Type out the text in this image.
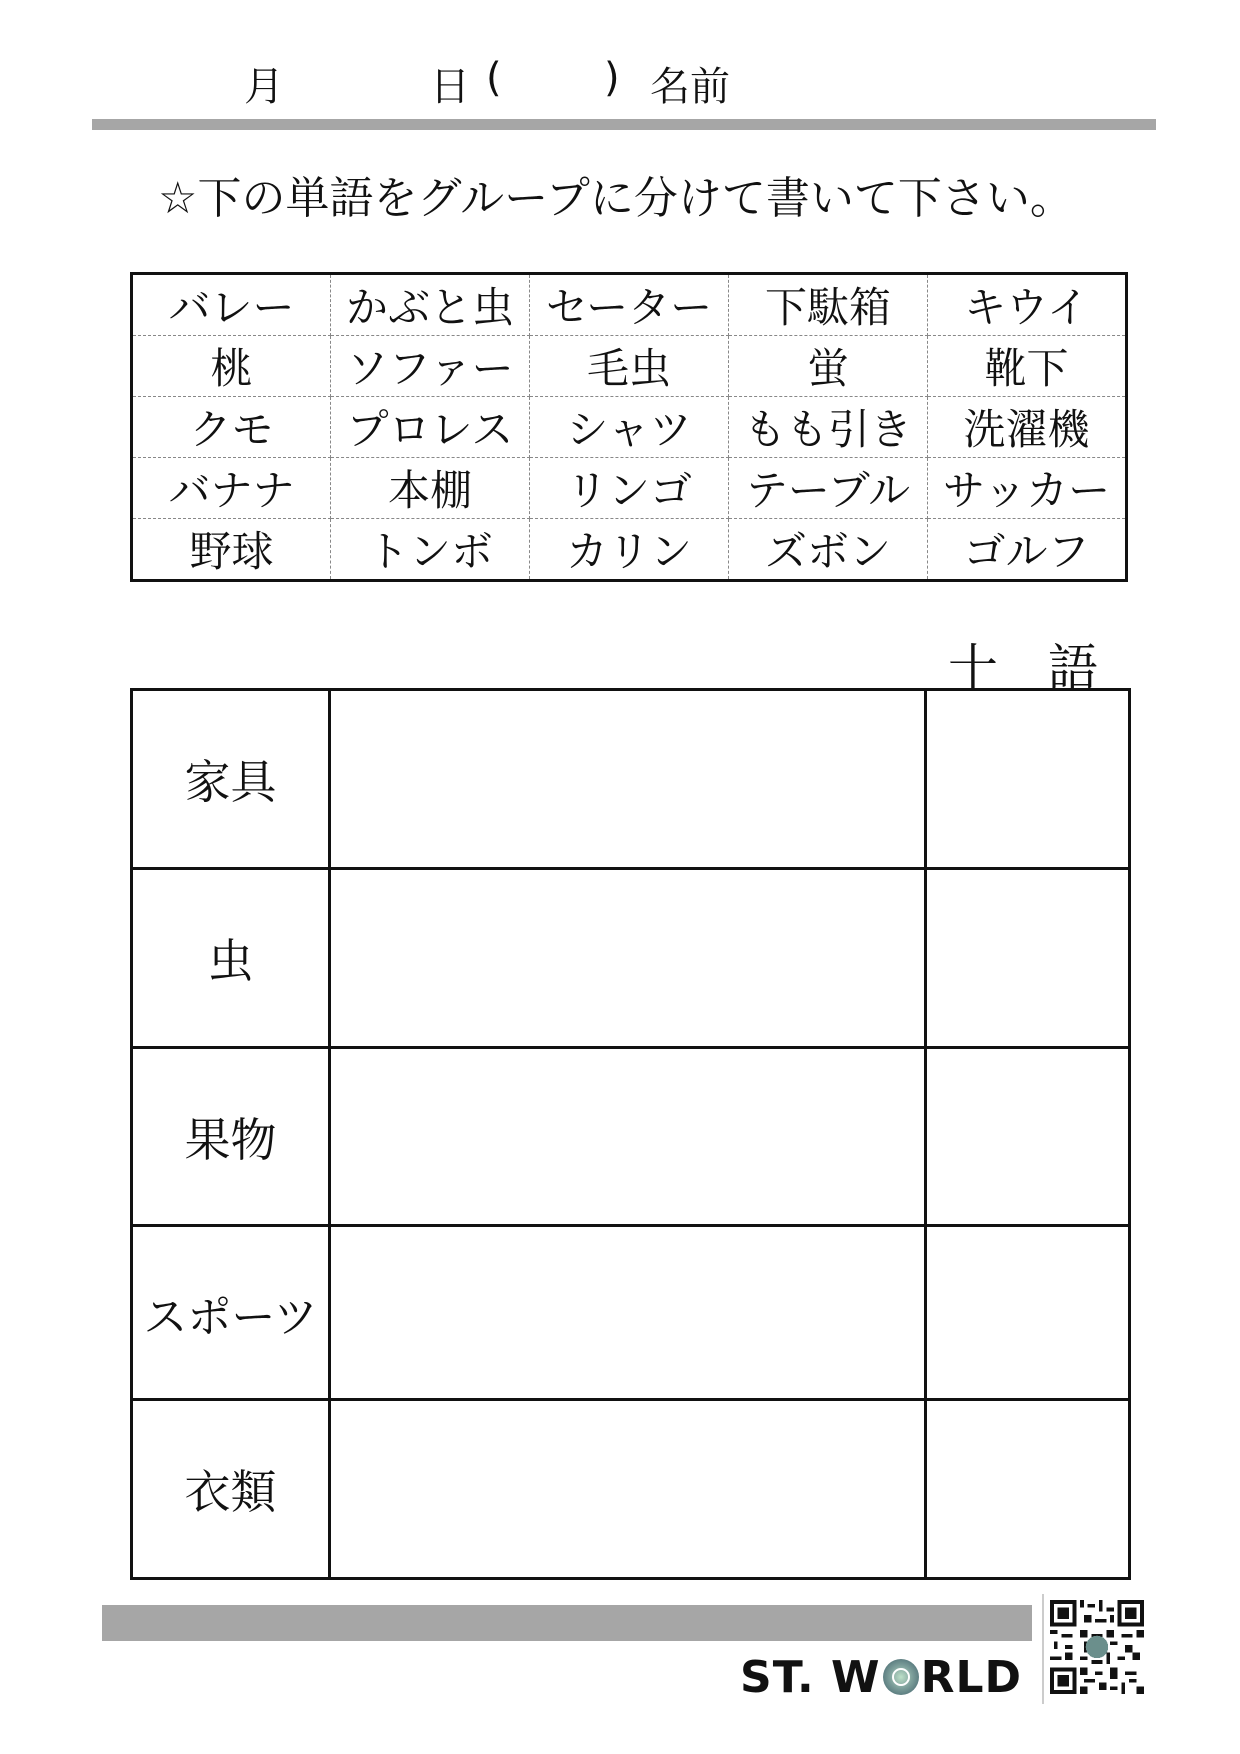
月	日 (	) 名前
☆下の単語をグループに分けて書いて下さい。
バレー	かぶと虫	セーター	下駄箱	キウイ
桃	ソファー	毛虫	蛍	靴下
クモ	プロレス	シャツ	もも引き	洗濯機
バナナ	本棚	リンゴ	テーブル	サッカー
野球	トンボ	カリン	ズボン	ゴルフ
十　語
家具		
虫		
果物		
スポーツ		
衣類		
ST. W RLD
